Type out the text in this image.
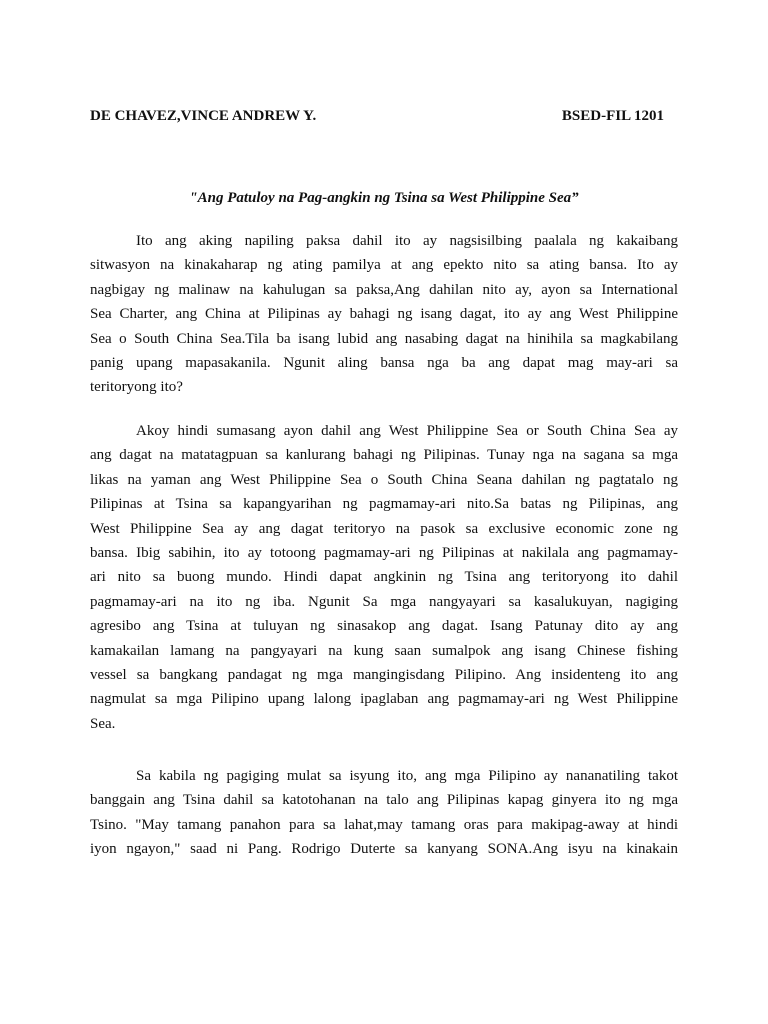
DE CHAVEZ,VINCE ANDREW Y.	BSED-FIL 1201
"Ang Patuloy na Pag-angkin ng Tsina sa West Philippine Sea”
Ito ang aking napiling paksa dahil ito ay nagsisilbing paalala ng kakaibang
sitwasyon na kinakaharap ng ating pamilya at ang epekto nito sa ating bansa. Ito ay
nagbigay ng malinaw na kahulugan sa paksa,Ang dahilan nito ay, ayon sa International
Sea Charter, ang China at Pilipinas ay bahagi ng isang dagat, ito ay ang West Philippine
Sea o South China Sea.Tila ba isang lubid ang nasabing dagat na hinihila sa magkabilang
panig upang mapasakanila. Ngunit aling bansa nga ba ang dapat mag may-ari sa
teritoryong ito?
Akoy hindi sumasang ayon dahil ang West Philippine Sea or South China Sea ay
ang dagat na matatagpuan sa kanlurang bahagi ng Pilipinas. Tunay nga na sagana sa mga
likas na yaman ang West Philippine Sea o South China Seana dahilan ng pagtatalo ng
Pilipinas at Tsina sa kapangyarihan ng pagmamay-ari nito.Sa batas ng Pilipinas, ang
West Philippine Sea ay ang dagat teritoryo na pasok sa exclusive economic zone ng
bansa. Ibig sabihin, ito ay totoong pagmamay-ari ng Pilipinas at nakilala ang pagmamay-
ari nito sa buong mundo. Hindi dapat angkinin ng Tsina ang teritoryong ito dahil
pagmamay-ari na ito ng iba. Ngunit Sa mga nangyayari sa kasalukuyan, nagiging
agresibo ang Tsina at tuluyan ng sinasakop ang dagat. Isang Patunay dito ay ang
kamakailan lamang na pangyayari na kung saan sumalpok ang isang Chinese fishing
vessel sa bangkang pandagat ng mga mangingisdang Pilipino. Ang insidenteng ito ang
nagmulat sa mga Pilipino upang lalong ipaglaban ang pagmamay-ari ng West Philippine
Sea.
Sa kabila ng pagiging mulat sa isyung ito, ang mga Pilipino ay nananatiling takot
banggain ang Tsina dahil sa katotohanan na talo ang Pilipinas kapag ginyera ito ng mga
Tsino. "May tamang panahon para sa lahat,may tamang oras para makipag-away at hindi
iyon ngayon," saad ni Pang. Rodrigo Duterte sa kanyang SONA.Ang isyu na kinakain
